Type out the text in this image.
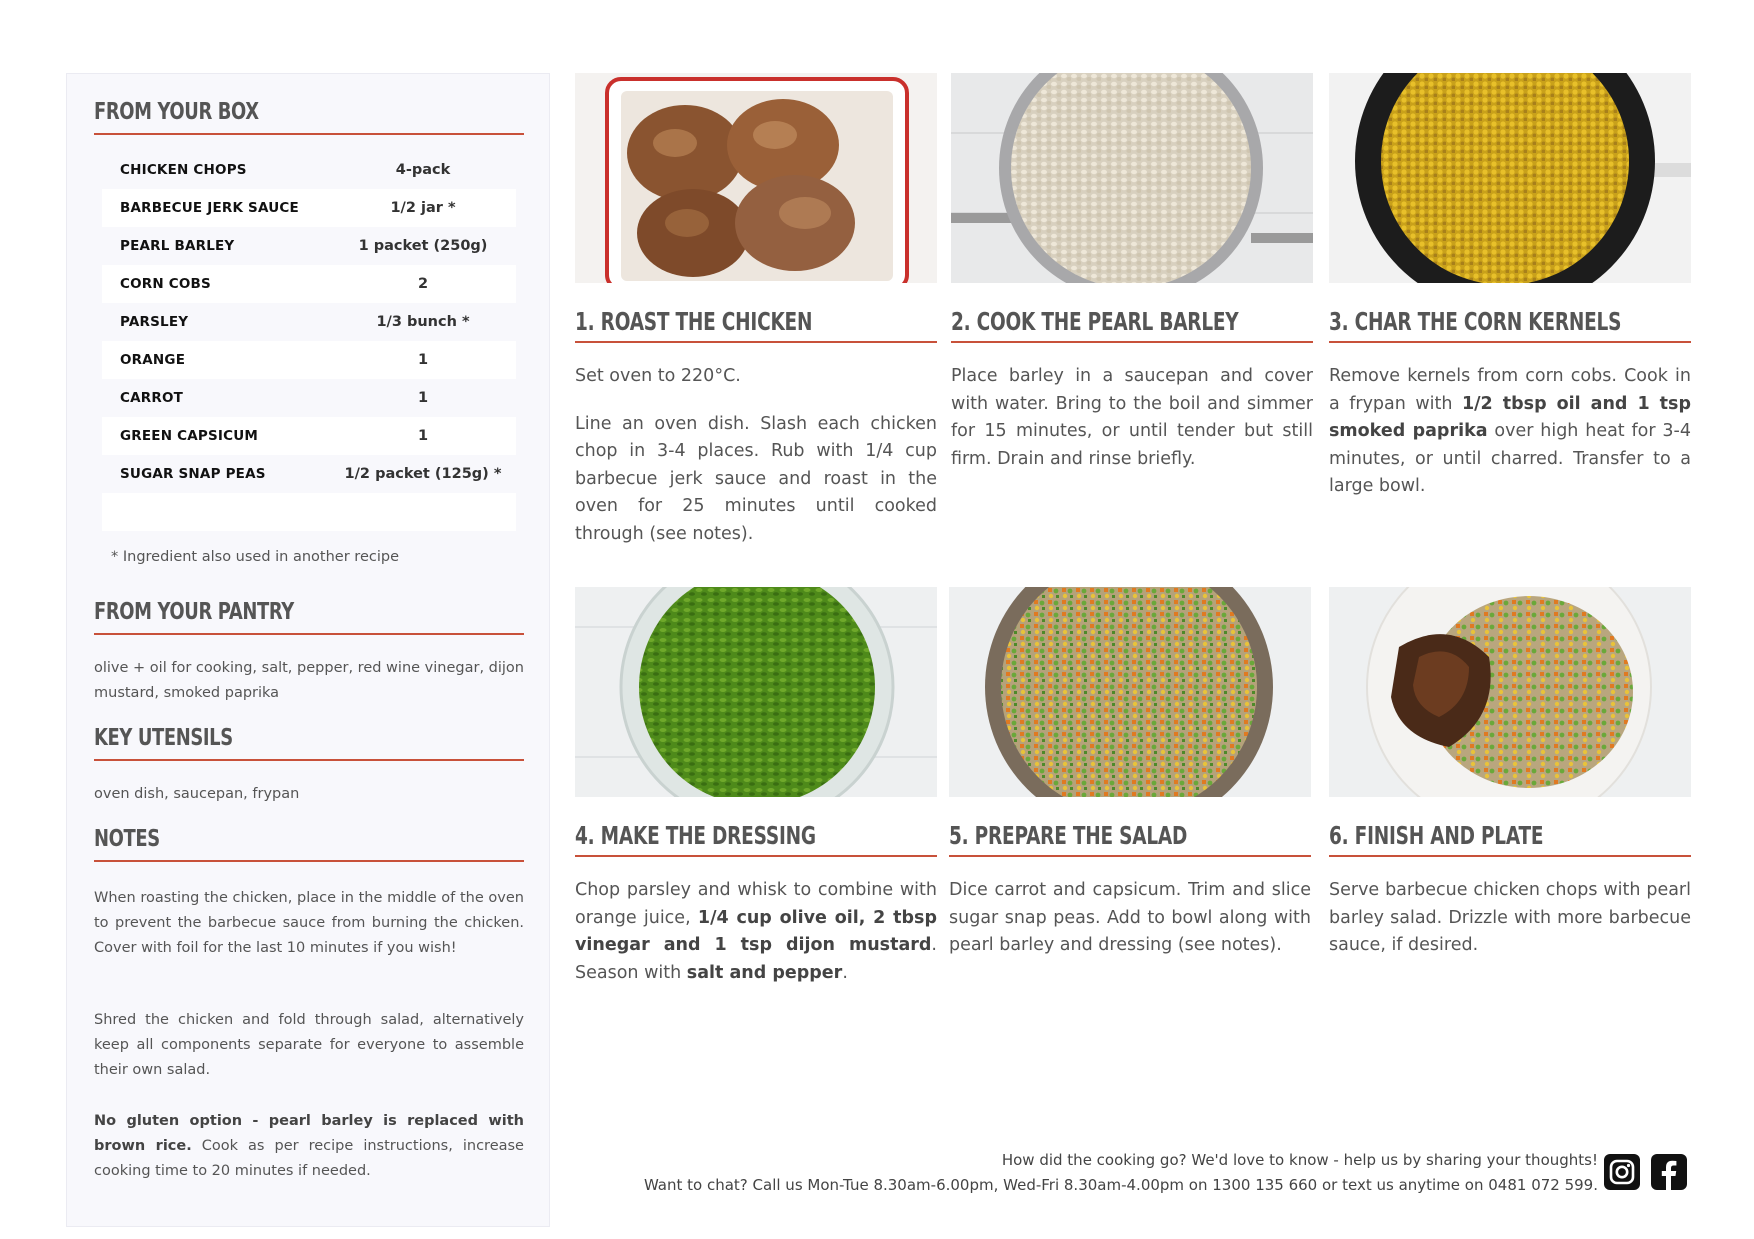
FROM YOUR BOX
CHICKEN CHOPS	4-pack
BARBECUE JERK SAUCE	1/2 jar *
PEARL BARLEY	1 packet (250g)
CORN COBS	2
PARSLEY	1/3 bunch *
ORANGE	1
CARROT	1
GREEN CAPSICUM	1
SUGAR SNAP PEAS	1/2 packet (125g) *
* Ingredient also used in another recipe
FROM YOUR PANTRY
olive + oil for cooking, salt, pepper, red wine vinegar, dijon mustard, smoked paprika
KEY UTENSILS
oven dish, saucepan, frypan
NOTES
When roasting the chicken, place in the middle of the oven to prevent the barbecue sauce from burning the chicken. Cover with foil for the last 10 minutes if you wish!
Shred the chicken and fold through salad, alternatively keep all components separate for everyone to assemble their own salad.
No gluten option - pearl barley is replaced with brown rice. Cook as per recipe instructions, increase cooking time to 20 minutes if needed.
1. ROAST THE CHICKEN

Set oven to 220°C.

Line an oven dish. Slash each chicken chop in 3-4 places. Rub with 1/4 cup barbecue jerk sauce and roast in the oven for 25 minutes until cooked through (see notes).

2. COOK THE PEARL BARLEY

Place barley in a saucepan and cover with water. Bring to the boil and simmer for 15 minutes, or until tender but still firm. Drain and rinse briefly.

3. CHAR THE CORN KERNELS

Remove kernels from corn cobs. Cook in a frypan with 1/2 tbsp oil and 1 tsp smoked paprika over high heat for 3-4 minutes, or until charred. Transfer to a large bowl.

4. MAKE THE DRESSING

Chop parsley and whisk to combine with orange juice, 1/4 cup olive oil, 2 tbsp vinegar and 1 tsp dijon mustard. Season with salt and pepper.

5. PREPARE THE SALAD

Dice carrot and capsicum. Trim and slice sugar snap peas. Add to bowl along with pearl barley and dressing (see notes).

6. FINISH AND PLATE

Serve barbecue chicken chops with pearl barley salad. Drizzle with more barbecue sauce, if desired.

How did the cooking go? We'd love to know - help us by sharing your thoughts!
Want to chat? Call us Mon-Tue 8.30am-6.00pm, Wed-Fri 8.30am-4.00pm on 1300 135 660 or text us anytime on 0481 072 599.
